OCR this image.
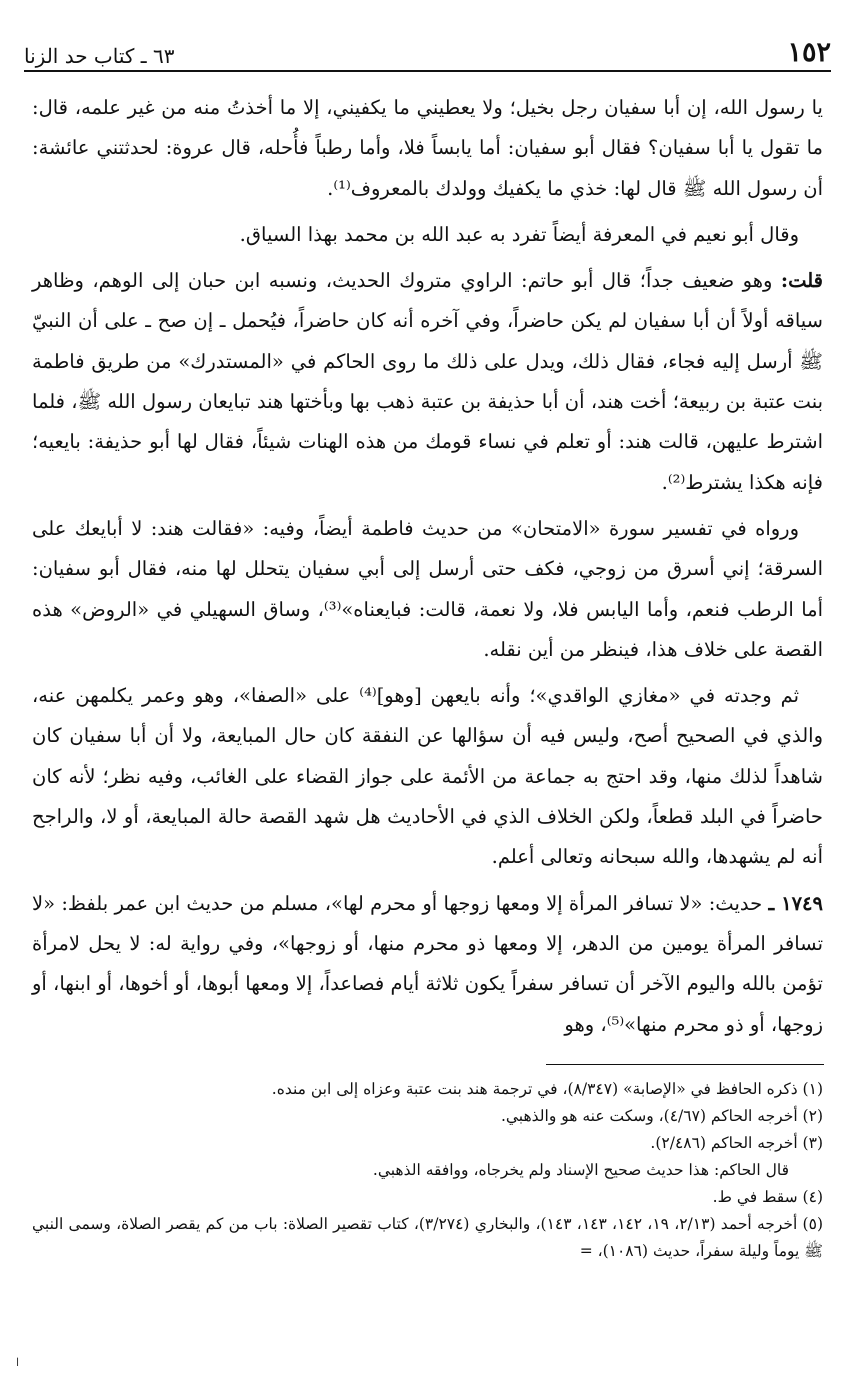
٦٣ ـ كتاب حد الزنا	١٥٢

يا رسول الله، إن أبا سفيان رجل بخيل؛ ولا يعطيني ما يكفيني، إلا ما أخذتُ منه من غير علمه، قال: ما تقول يا أبا سفيان؟ فقال أبو سفيان: أما يابساً فلا، وأما رطباً فأُحله، قال عروة: لحدثتني عائشة: أن رسول الله ﷺ قال لها: خذي ما يكفيك وولدك بالمعروف⁽¹⁾.

وقال أبو نعيم في المعرفة أيضاً تفرد به عبد الله بن محمد بهذا السياق.

قلت: وهو ضعيف جداً؛ قال أبو حاتم: الراوي متروك الحديث، ونسبه ابن حبان إلى الوهم، وظاهر سياقه أولاً أن أبا سفيان لم يكن حاضراً، وفي آخره أنه كان حاضراً، فيُحمل ـ إن صح ـ على أن النبيّ ﷺ أرسل إليه فجاء، فقال ذلك، ويدل على ذلك ما روى الحاكم في «المستدرك» من طريق فاطمة بنت عتبة بن ربيعة؛ أخت هند، أن أبا حذيفة بن عتبة ذهب بها وبأختها هند تبايعان رسول الله ﷺ، فلما اشترط عليهن، قالت هند: أو تعلم في نساء قومك من هذه الهنات شيئاً، فقال لها أبو حذيفة: بايعيه؛ فإنه هكذا يشترط⁽²⁾.

ورواه في تفسير سورة «الامتحان» من حديث فاطمة أيضاً، وفيه: «فقالت هند: لا أبايعك على السرقة؛ إني أسرق من زوجي، فكف حتى أرسل إلى أبي سفيان يتحلل لها منه، فقال أبو سفيان: أما الرطب فنعم، وأما اليابس فلا، ولا نعمة، قالت: فبايعناه»⁽³⁾، وساق السهيلي في «الروض» هذه القصة على خلاف هذا، فينظر من أين نقله.

ثم وجدته في «مغازي الواقدي»؛ وأنه بايعهن [وهو]⁽⁴⁾ على «الصفا»، وهو وعمر يكلمهن عنه، والذي في الصحيح أصح، وليس فيه أن سؤالها عن النفقة كان حال المبايعة، ولا أن أبا سفيان كان شاهداً لذلك منها، وقد احتج به جماعة من الأئمة على جواز القضاء على الغائب، وفيه نظر؛ لأنه كان حاضراً في البلد قطعاً، ولكن الخلاف الذي في الأحاديث هل شهد القصة حالة المبايعة، أو لا، والراجح أنه لم يشهدها، والله سبحانه وتعالى أعلم.

١٧٤٩ ـ حديث: «لا تسافر المرأة إلا ومعها زوجها أو محرم لها»، مسلم من حديث ابن عمر بلفظ: «لا تسافر المرأة يومين من الدهر، إلا ومعها ذو محرم منها، أو زوجها»، وفي رواية له: لا يحل لامرأة تؤمن بالله واليوم الآخر أن تسافر سفراً يكون ثلاثة أيام فصاعداً، إلا ومعها أبوها، أو أخوها، أو ابنها، أو زوجها، أو ذو محرم منها»⁽⁵⁾، وهو

(١) ذكره الحافظ في «الإصابة» (٨/٣٤٧)، في ترجمة هند بنت عتبة وعزاه إلى ابن منده.
(٢) أخرجه الحاكم (٤/٦٧)، وسكت عنه هو والذهبي.
(٣) أخرجه الحاكم (٢/٤٨٦).
قال الحاكم: هذا حديث صحيح الإسناد ولم يخرجاه، ووافقه الذهبي.
(٤) سقط في ط.
(٥) أخرجه أحمد (٢/١٣، ١٩، ١٤٢، ١٤٣، ١٤٣)، والبخاري (٣/٢٧٤)، كتاب تقصير الصلاة: باب من كم يقصر الصلاة، وسمى النبي ﷺ يوماً وليلة سفراً، حديث (١٠٨٦)، =
ا
